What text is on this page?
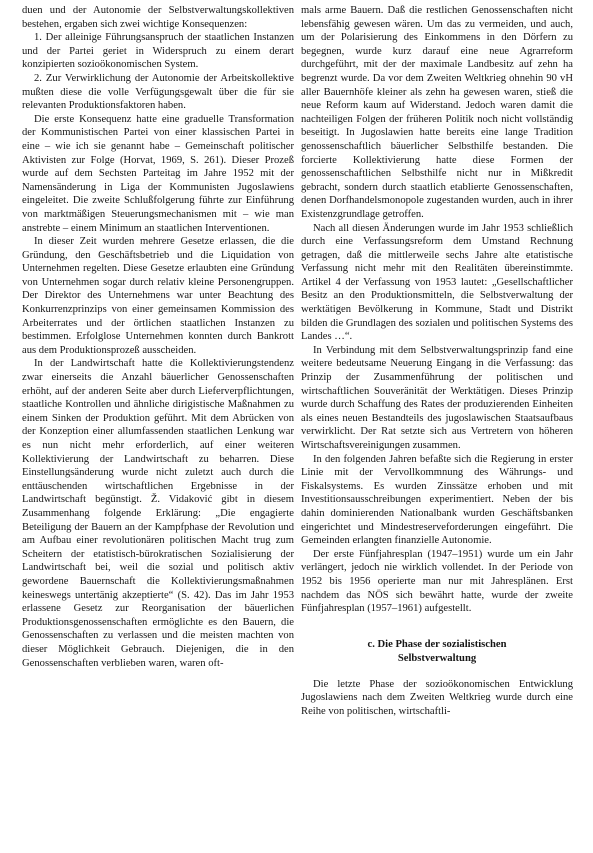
duen und der Autonomie der Selbstverwaltungskollektiven bestehen, ergaben sich zwei wichtige Konsequenzen:

1. Der alleinige Führungsanspruch der staatlichen Instanzen und der Partei geriet in Widerspruch zu einem derart konzipierten sozioökonomischen System.

2. Zur Verwirklichung der Autonomie der Arbeitskollektive mußten diese die volle Verfügungsgewalt über die für sie relevanten Produktionsfaktoren haben.

Die erste Konsequenz hatte eine graduelle Transformation der Kommunistischen Partei von einer klassischen Partei in eine – wie ich sie genannt habe – Gemeinschaft politischer Aktivisten zur Folge (Horvat, 1969, S. 261). Dieser Prozeß wurde auf dem Sechsten Parteitag im Jahre 1952 mit der Namensänderung in Liga der Kommunisten Jugoslawiens eingeleitet. Die zweite Schlußfolgerung führte zur Einführung von marktmäßigen Steuerungsmechanismen mit – wie man anstrebte – einem Minimum an staatlichen Interventionen.

In dieser Zeit wurden mehrere Gesetze erlassen, die die Gründung, den Geschäftsbetrieb und die Liquidation von Unternehmen regelten. Diese Gesetze erlaubten eine Gründung von Unternehmen sogar durch relativ kleine Personengruppen. Der Direktor des Unternehmens war unter Beachtung des Konkurrenzprinzips von einer gemeinsamen Kommission des Arbeiterrates und der örtlichen staatlichen Instanzen zu bestimmen. Erfolglose Unternehmen konnten durch Bankrott aus dem Produktionsprozeß ausscheiden.

In der Landwirtschaft hatte die Kollektivierungstendenz zwar einerseits die Anzahl bäuerlicher Genossenschaften erhöht, auf der anderen Seite aber durch Lieferverpflichtungen, staatliche Kontrollen und ähnliche dirigistische Maßnahmen zu einem Sinken der Produktion geführt. Mit dem Abrücken von der Konzeption einer allumfassenden staatlichen Lenkung war es nun nicht mehr erforderlich, auf einer weiteren Kollektivierung der Landwirtschaft zu beharren. Diese Einstellungsänderung wurde nicht zuletzt auch durch die enttäuschenden wirtschaftlichen Ergebnisse in der Landwirtschaft begünstigt. Ž. Vidaković gibt in diesem Zusammenhang folgende Erklärung: „Die engagierte Beteiligung der Bauern an der Kampfphase der Revolution und am Aufbau einer revolutionären politischen Macht trug zum Scheitern der etatistisch-bürokratischen Sozialisierung der Landwirtschaft bei, weil die sozial und politisch aktiv gewordene Bauernschaft die Kollektivierungsmaßnahmen keineswegs untertänig akzeptierte“ (S. 42). Das im Jahr 1953 erlassene Gesetz zur Reorganisation der bäuerlichen Produktionsgenossenschaften ermöglichte es den Bauern, die Genossenschaften zu verlassen und die meisten machten von dieser Möglichkeit Gebrauch. Diejenigen, die in den Genossenschaften verblieben waren, waren oft-

mals arme Bauern. Daß die restlichen Genossenschaften nicht lebensfähig gewesen wären. Um das zu vermeiden, und auch, um der Polarisierung des Einkommens in den Dörfern zu begegnen, wurde kurz darauf eine neue Agrarreform durchgeführt, mit der der maximale Landbesitz auf zehn ha begrenzt wurde. Da vor dem Zweiten Weltkrieg ohnehin 90 vH aller Bauernhöfe kleiner als zehn ha gewesen waren, stieß die neue Reform kaum auf Widerstand. Jedoch waren damit die nachteiligen Folgen der früheren Politik noch nicht vollständig beseitigt. In Jugoslawien hatte bereits eine lange Tradition genossenschaftlich bäuerlicher Selbsthilfe bestanden. Die forcierte Kollektivierung hatte diese Formen der genossenschaftlichen Selbsthilfe nicht nur in Mißkredit gebracht, sondern durch staatlich etablierte Genossenschaften, denen Dorfhandelsmonopole zugestanden wurden, auch in ihrer Existenzgrundlage getroffen.

Nach all diesen Änderungen wurde im Jahr 1953 schließlich durch eine Verfassungsreform dem Umstand Rechnung getragen, daß die mittlerweile sechs Jahre alte etatistische Verfassung nicht mehr mit den Realitäten übereinstimmte. Artikel 4 der Verfassung von 1953 lautet: „Gesellschaftlicher Besitz an den Produktionsmitteln, die Selbstverwaltung der werktätigen Bevölkerung in Kommune, Stadt und Distrikt bilden die Grundlagen des sozialen und politischen Systems des Landes …“.

In Verbindung mit dem Selbstverwaltungsprinzip fand eine weitere bedeutsame Neuerung Eingang in die Verfassung: das Prinzip der Zusammenführung der politischen und wirtschaftlichen Souveränität der Werktätigen. Dieses Prinzip wurde durch Schaffung des Rates der produzierenden Einheiten als eines neuen Bestandteils des jugoslawischen Staatsaufbaus verwirklicht. Der Rat setzte sich aus Vertretern von höheren Wirtschaftsvereinigungen zusammen.

In den folgenden Jahren befaßte sich die Regierung in erster Linie mit der Vervollkommnung des Währungs- und Fiskalsystems. Es wurden Zinssätze erhoben und mit Investitionsausschreibungen experimentiert. Neben der bis dahin dominierenden Nationalbank wurden Geschäftsbanken eingerichtet und Mindestreserveforderungen eingeführt. Die Gemeinden erlangten finanzielle Autonomie.

Der erste Fünfjahresplan (1947–1951) wurde um ein Jahr verlängert, jedoch nie wirklich vollendet. In der Periode von 1952 bis 1956 operierte man nur mit Jahresplänen. Erst nachdem das NÖS sich bewährt hatte, wurde der zweite Fünfjahresplan (1957–1961) aufgestellt.

c. Die Phase der sozialistischen
Selbstverwaltung

Die letzte Phase der sozioökonomischen Entwicklung Jugoslawiens nach dem Zweiten Weltkrieg wurde durch eine Reihe von politischen, wirtschaftli-
